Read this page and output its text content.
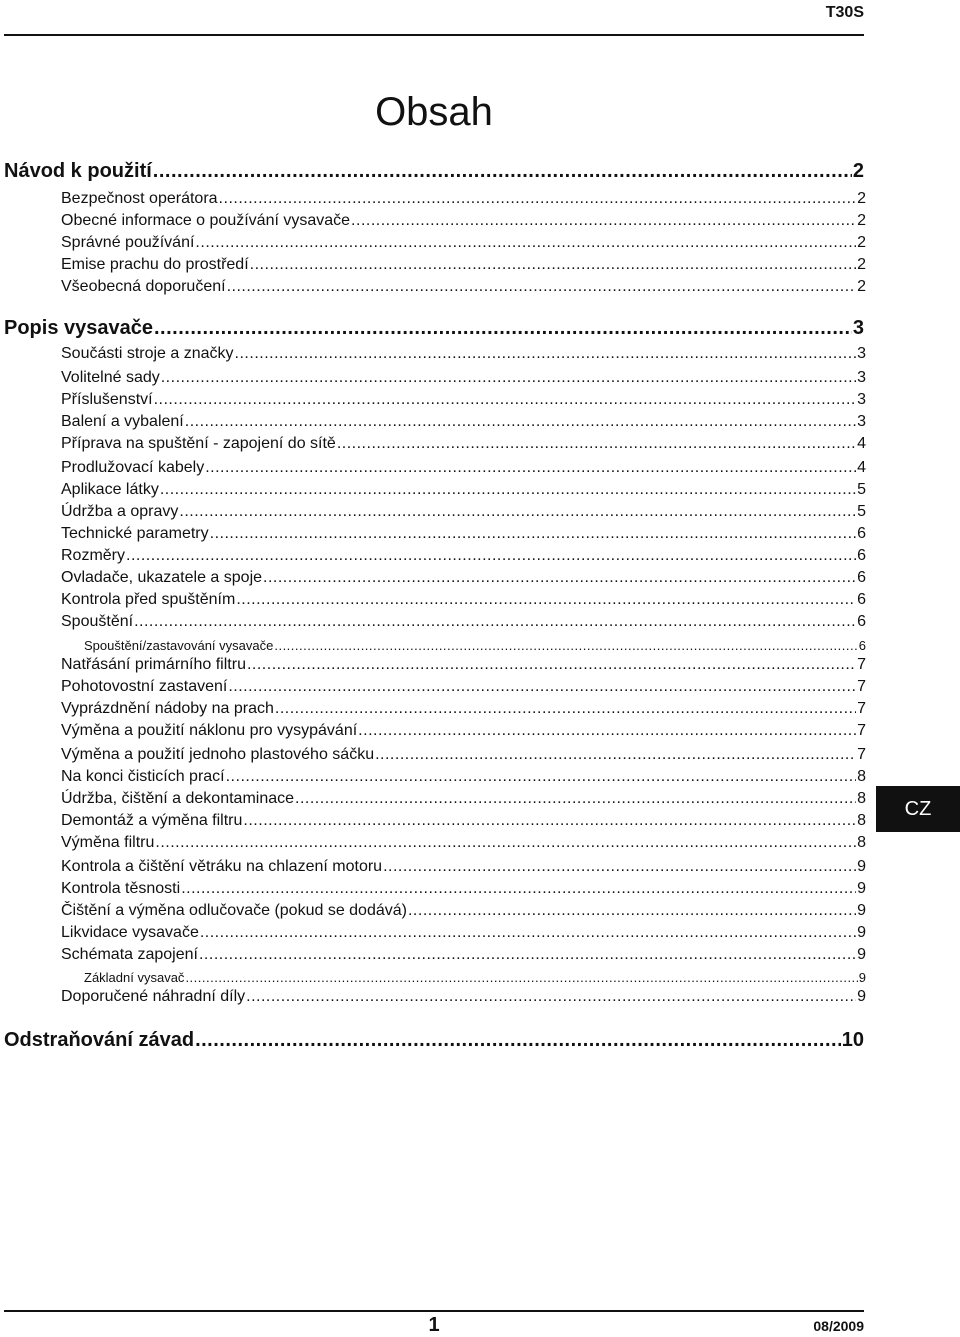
T30S
Obsah
Návod k použití .....	2
Bezpečnost operátora .....	2
Obecné informace o používání vysavače .....	2
Správné používání .....	2
Emise prachu do prostředí .....	2
Všeobecná doporučení .....	2
Popis vysavače .....	3
Součásti stroje a značky .....	3
Volitelné sady .....	3
Příslušenství .....	3
Balení a vybalení .....	3
Příprava na spuštění - zapojení do sítě .....	4
Prodlužovací kabely .....	4
Aplikace látky .....	5
Údržba a opravy .....	5
Technické parametry .....	6
Rozměry .....	6
Ovladače, ukazatele a spoje .....	6
Kontrola před spuštěním .....	6
Spouštění .....	6
Spouštění/zastavování vysavače .....	6
Natřásání primárního filtru .....	7
Pohotovostní zastavení .....	7
Vyprázdnění nádoby na prach .....	7
Výměna a použití náklonu pro vysypávání .....	7
Výměna a použití jednoho plastového sáčku .....	7
Na konci čisticích prací .....	8
Údržba, čištění a dekontaminace .....	8
Demontáž a výměna filtru .....	8
Výměna filtru .....	8
Kontrola a čištění větráku na chlazení motoru .....	9
Kontrola těsnosti .....	9
Čištění a výměna odlučovače (pokud se dodává) .....	9
Likvidace vysavače .....	9
Schémata zapojení .....	9
Základní vysavač .....	9
Doporučené náhradní díly .....	9
Odstraňování závad .....	10
CZ
1	08/2009
